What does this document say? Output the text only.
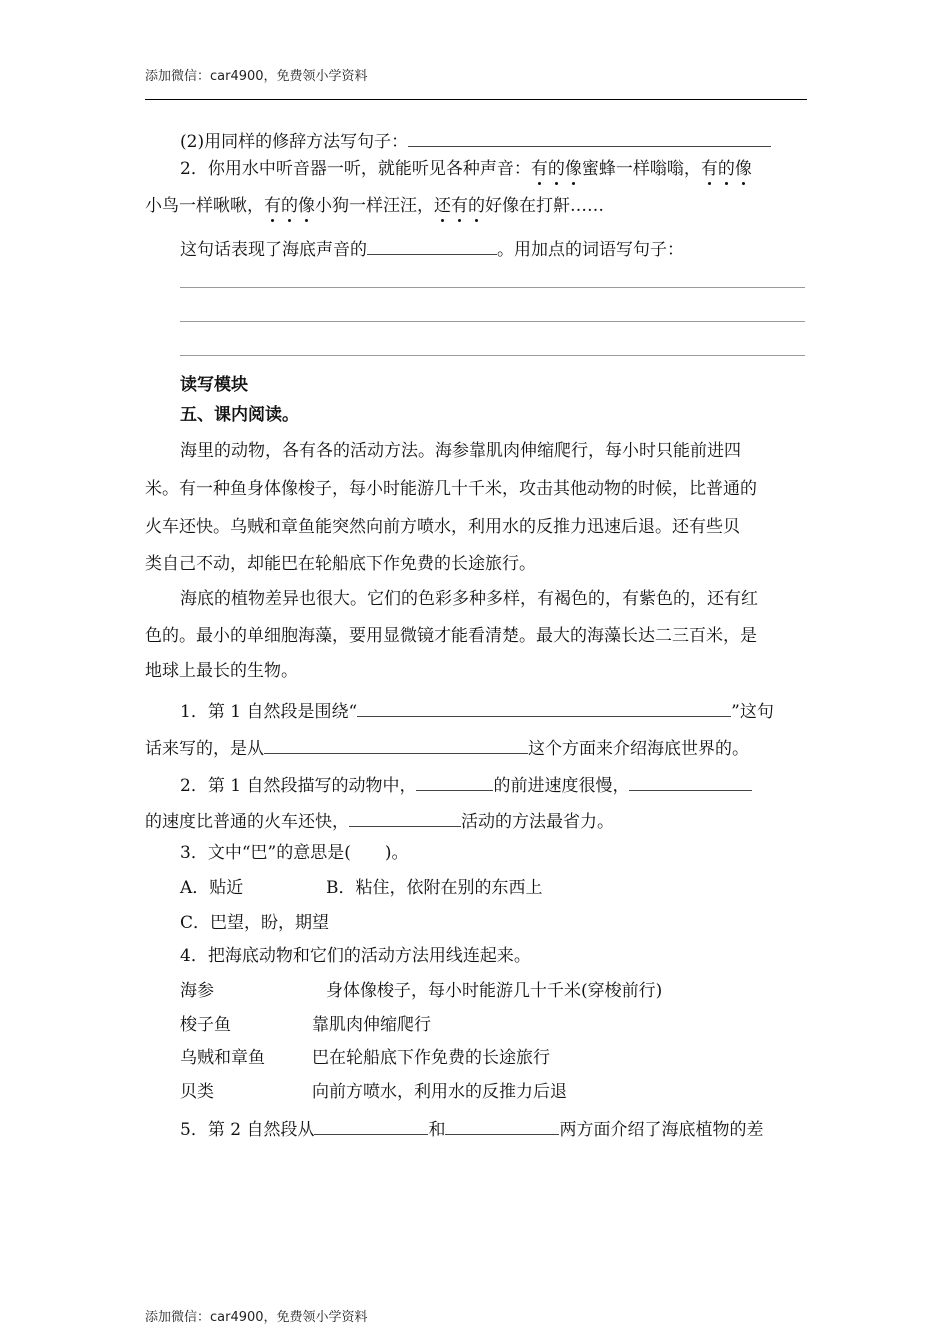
添加微信：car4900，免费领小学资料
(2)用同样的修辞方法写句子：
2．你用水中听音器一听，就能听见各种声音：有的像蜜蜂一样嗡嗡，有的像
小鸟一样啾啾，有的像小狗一样汪汪，还有的好像在打鼾……
这句话表现了海底声音的	。用加点的词语写句子：
读写模块
五、课内阅读。
海里的动物，各有各的活动方法。海参靠肌肉伸缩爬行，每小时只能前进四
米。有一种鱼身体像梭子，每小时能游几十千米，攻击其他动物的时候，比普通的
火车还快。乌贼和章鱼能突然向前方喷水，利用水的反推力迅速后退。还有些贝
类自己不动，却能巴在轮船底下作免费的长途旅行。
海底的植物差异也很大。它们的色彩多种多样，有褐色的，有紫色的，还有红
色的。最小的单细胞海藻，要用显微镜才能看清楚。最大的海藻长达二三百米，是
地球上最长的生物。
1．第 1 自然段是围绕“	”这句
话来写的，是从	这个方面来介绍海底世界的。
2．第 1 自然段描写的动物中，	的前进速度很慢，
的速度比普通的火车还快，	活动的方法最省力。
3．文中“巴”的意思是(　　)。
A．贴近	B．粘住，依附在别的东西上
C．巴望，盼，期望
4．把海底动物和它们的活动方法用线连起来。
海参	身体像梭子，每小时能游几十千米(穿梭前行)
梭子鱼	靠肌肉伸缩爬行
乌贼和章鱼	巴在轮船底下作免费的长途旅行
贝类	向前方喷水，利用水的反推力后退
5．第 2 自然段从	和	两方面介绍了海底植物的差
添加微信：car4900，免费领小学资料
